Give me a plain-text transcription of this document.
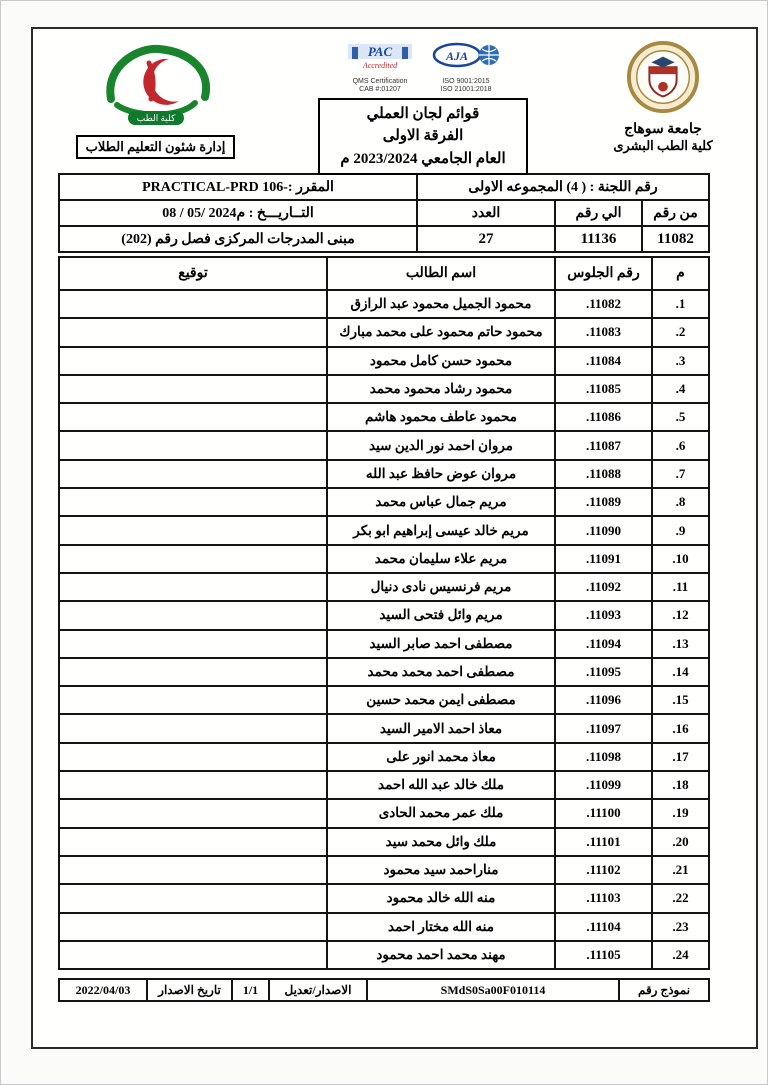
جامعة سوهاج
كلية الطب البشرى
PAC
Accredited
QMS Certification
CAB #:01207
AJA
ISO 9001:2015
ISO 21001:2018
قوائم لجان العملي
الفرقة الاولى
العام الجامعي 2023/2024 م
كلية الطب
إدارة شئون التعليم الطلاب
رقم اللجنة : ( 4) المجموعه الاولى			المقرر :-PRACTICAL-PRD 106
من رقم	الي رقم	العدد	التــاريـــخ : 08 / 05/ 2024م
11082	11136	27	مبنى المدرجات المركزى فصل رقم (202)
م	رقم الجلوس	اسم الطالب	توقيع
1.	11082.	محمود الجميل محمود عبد الرازق	
2.	11083.	محمود حاتم محمود على محمد مبارك	
3.	11084.	محمود حسن كامل محمود	
4.	11085.	محمود رشاد محمود محمد	
5.	11086.	محمود عاطف محمود هاشم	
6.	11087.	مروان احمد نور الدين سيد	
7.	11088.	مروان عوض حافظ عبد الله	
8.	11089.	مريم جمال عباس محمد	
9.	11090.	مريم خالد عيسى إبراهيم ابو بكر	
10.	11091.	مريم علاء سليمان محمد	
11.	11092.	مريم فرنسيس نادى دنيال	
12.	11093.	مريم وائل فتحى السيد	
13.	11094.	مصطفى احمد صابر السيد	
14.	11095.	مصطفى احمد محمد محمد	
15.	11096.	مصطفى ايمن محمد حسين	
16.	11097.	معاذ احمد الامير السيد	
17.	11098.	معاذ محمد انور على	
18.	11099.	ملك خالد عبد الله احمد	
19.	11100.	ملك عمر محمد الحادى	
20.	11101.	ملك وائل محمد سيد	
21.	11102.	مناراحمد سيد محمود	
22.	11103.	منه الله خالد محمود	
23.	11104.	منه الله مختار احمد	
24.	11105.	مهند محمد احمد محمود	
نموذج رقم	SMdS0Sa00F010114	الاصدار/تعديل	1/1	تاريخ الاصدار	2022/04/03
